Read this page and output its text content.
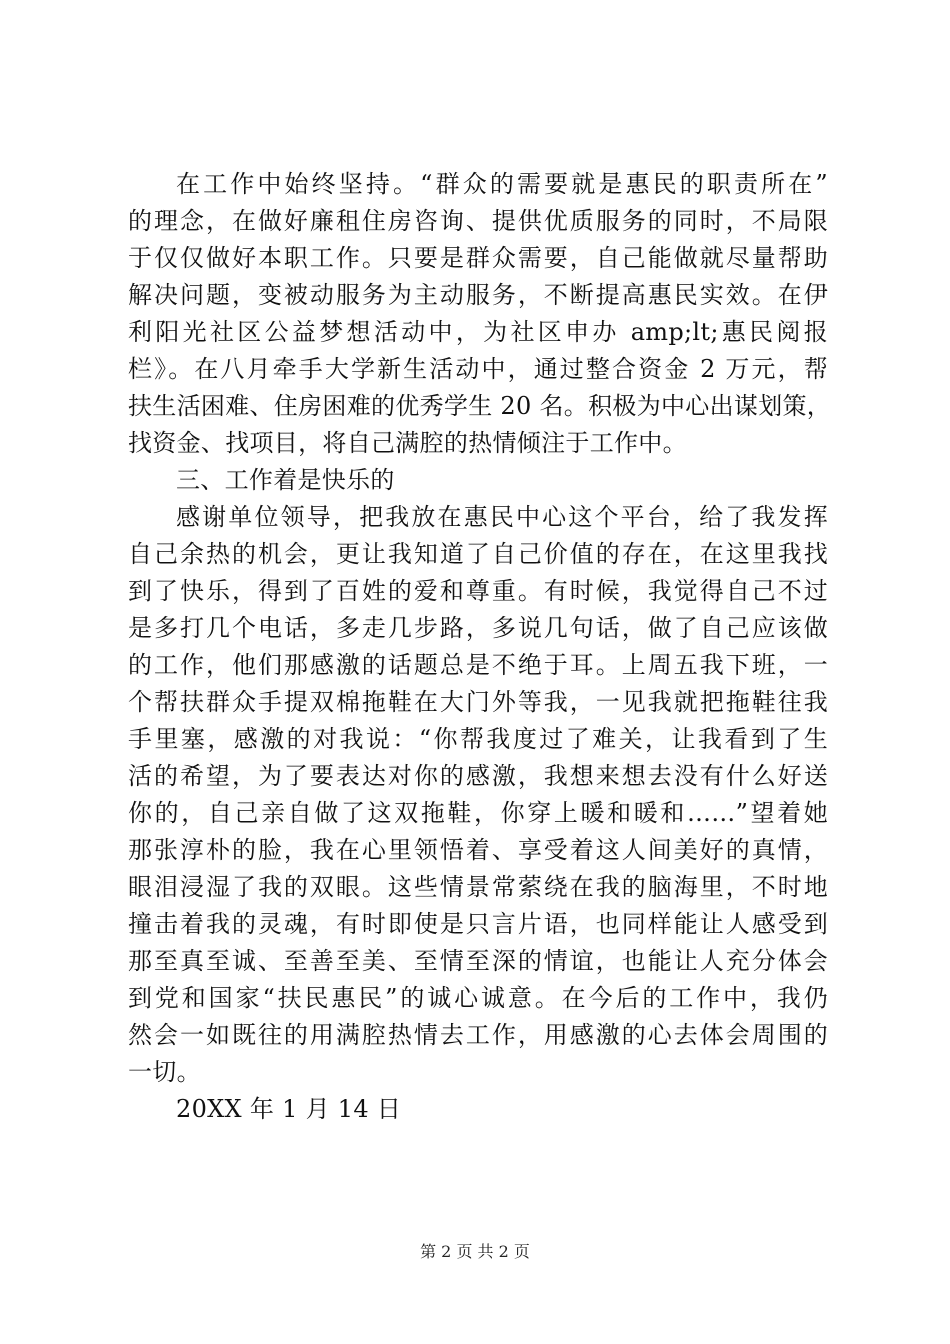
在工作中始终坚持。“群众的需要就是惠民的职责所在”
的理念，在做好廉租住房咨询、提供优质服务的同时，不局限
于仅仅做好本职工作。只要是群众需要，自己能做就尽量帮助
解决问题，变被动服务为主动服务，不断提高惠民实效。在伊
利阳光社区公益梦想活动中，为社区申办 amp;lt;惠民阅报
栏》。在八月牵手大学新生活动中，通过整合资金 2 万元，帮
扶生活困难、住房困难的优秀学生 20 名。积极为中心出谋划策，
找资金、找项目，将自己满腔的热情倾注于工作中。
三、工作着是快乐的
感谢单位领导，把我放在惠民中心这个平台，给了我发挥
自己余热的机会，更让我知道了自己价值的存在，在这里我找
到了快乐，得到了百姓的爱和尊重。有时候，我觉得自己不过
是多打几个电话，多走几步路，多说几句话，做了自己应该做
的工作，他们那感激的话题总是不绝于耳。上周五我下班，一
个帮扶群众手提双棉拖鞋在大门外等我，一见我就把拖鞋往我
手里塞，感激的对我说：“你帮我度过了难关，让我看到了生
活的希望，为了要表达对你的感激，我想来想去没有什么好送
你的，自己亲自做了这双拖鞋，你穿上暖和暖和……”望着她
那张淳朴的脸，我在心里领悟着、享受着这人间美好的真情，
眼泪浸湿了我的双眼。这些情景常萦绕在我的脑海里，不时地
撞击着我的灵魂，有时即使是只言片语，也同样能让人感受到
那至真至诚、至善至美、至情至深的情谊，也能让人充分体会
到党和国家“扶民惠民”的诚心诚意。在今后的工作中，我仍
然会一如既往的用满腔热情去工作，用感激的心去体会周围的
一切。
20XX 年 1 月 14 日
第 2 页 共 2 页
